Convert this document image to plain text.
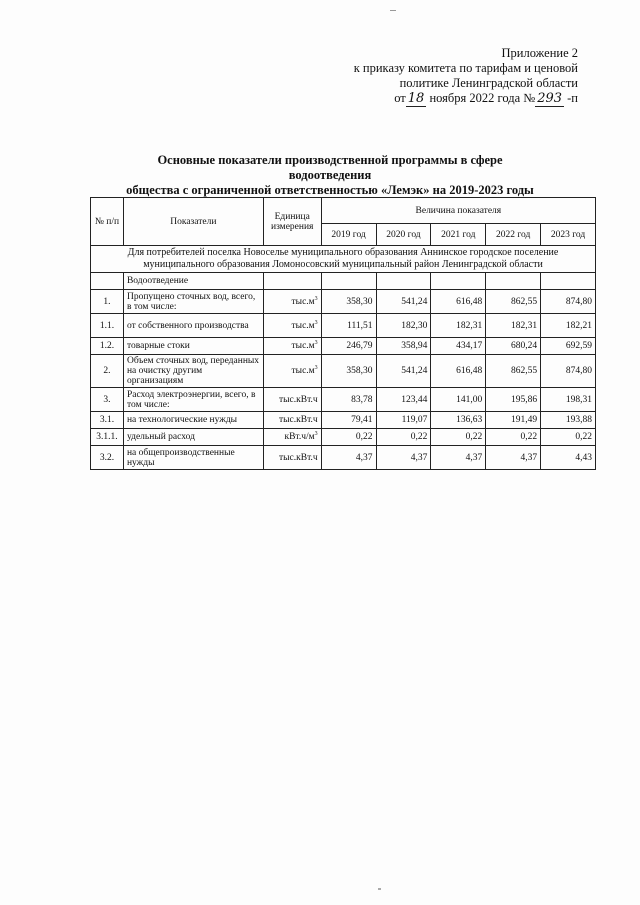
Приложение 2
к приказу комитета по тарифам и ценовой
политике Ленинградской области
от 18 ноября 2022 года № 293 -п
Основные показатели производственной программы в сфере водоотведения
общества с ограниченной ответственностью «Лемэк» на 2019-2023 годы
№ п/п	Показатели	Единица измерения	Величина показателя				
			2019 год	2020 год	2021 год	2022 год	2023 год
Для потребителей поселка Новоселье муниципального образования Аннинское городское поселение муниципального образования Ломоносовский муниципальный район Ленинградской области							
	Водоотведение						
1.	Пропущено сточных вод, всего, в том числе:	$тыс.м^3$	358,30	541,24	616,48	862,55	874,80
1.1.	от собственного производства	$тыс.м^3$	111,51	182,30	182,31	182,31	182,21
1.2.	товарные стоки	$тыс.м^3$	246,79	358,94	434,17	680,24	692,59
2.	Объем сточных вод, переданных на очистку другим организациям	$тыс.м^3$	358,30	541,24	616,48	862,55	874,80
3.	Расход электроэнергии, всего, в том числе:	тыс.кВт.ч	83,78	123,44	141,00	195,86	198,31
3.1.	на технологические нужды	тыс.кВт.ч	79,41	119,07	136,63	191,49	193,88
3.1.1.	удельный расход	$кВт.ч/м^3$	0,22	0,22	0,22	0,22	0,22
3.2.	на общепроизводственные нужды	тыс.кВт.ч	4,37	4,37	4,37	4,37	4,43
